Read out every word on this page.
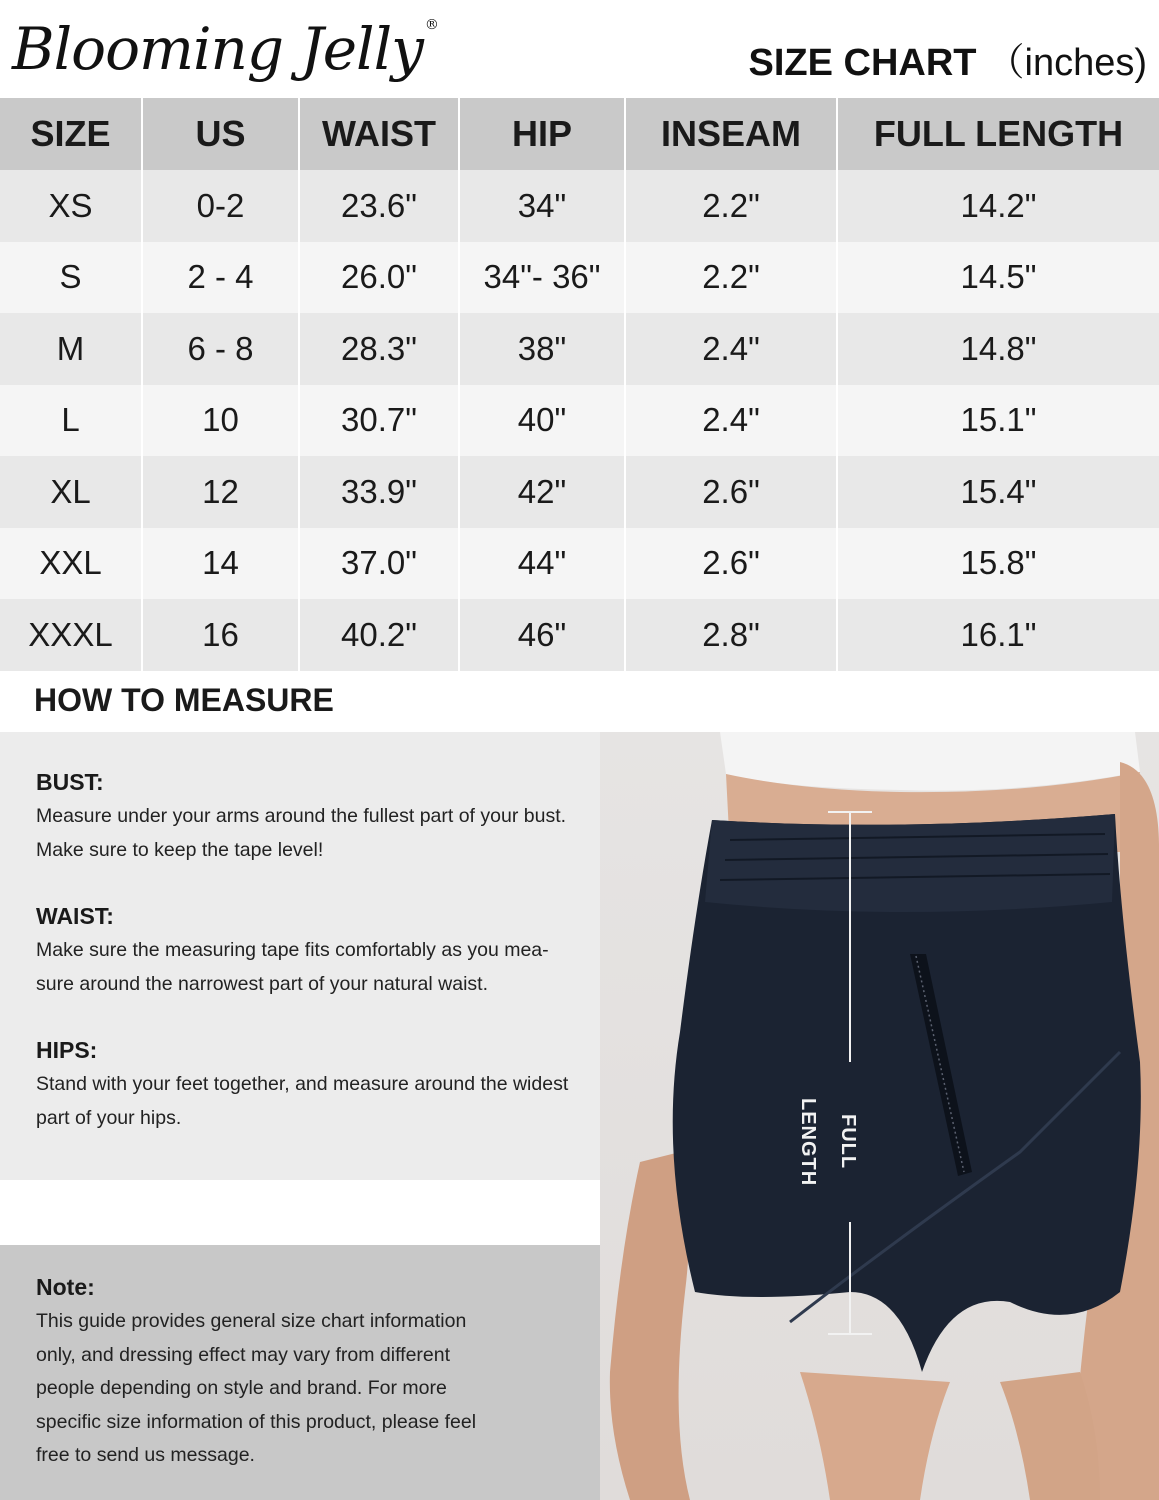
Blooming Jelly ®
SIZE CHART （inches)
SIZE	US	WAIST	HIP	INSEAM	FULL LENGTH
XS	0-2	23.6"	34"	2.2"	14.2"
S	2 - 4	26.0"	34"- 36"	2.2"	14.5"
M	6 - 8	28.3"	38"	2.4"	14.8"
L	10	30.7"	40"	2.4"	15.1"
XL	12	33.9"	42"	2.6"	15.4"
XXL	14	37.0"	44"	2.6"	15.8"
XXXL	16	40.2"	46"	2.8"	16.1"
HOW TO MEASURE
BUST:

Measure under your arms around the fullest part of your bust.
Make sure to keep the tape level!

WAIST:

Make sure the measuring tape fits comfortably as you mea-
sure around the narrowest part of your natural waist.

HIPS:

Stand with your feet together, and measure around the widest
part of your hips.

Note:

This guide provides general size chart information
only, and dressing effect may vary from different
people depending on style and brand. For more
specific size information of this product, please feel
free to send us message.

FULL LENGTH
